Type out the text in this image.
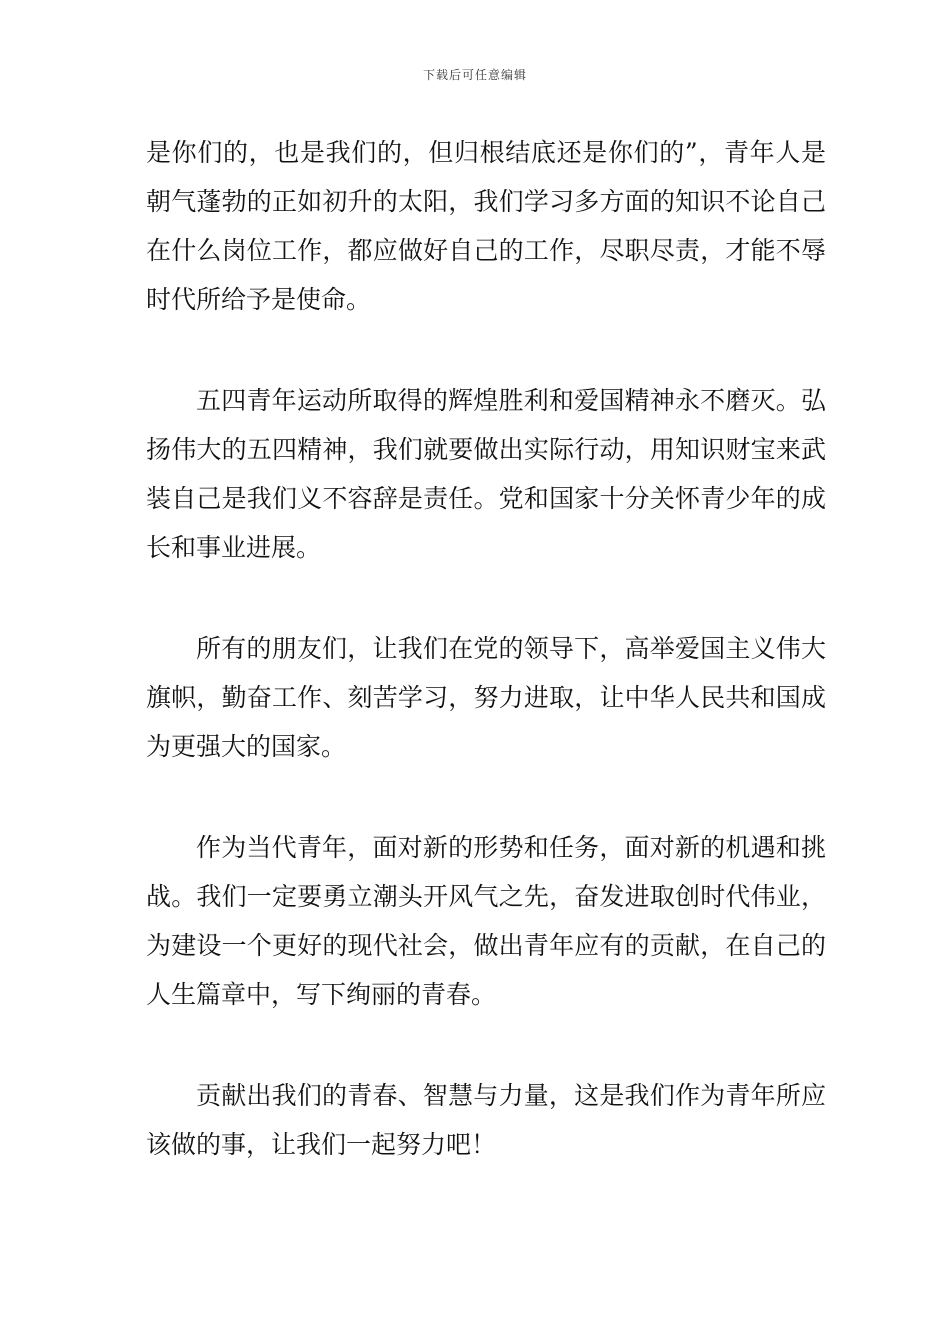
下载后可任意编辑

是你们的，也是我们的，但归根结底还是你们的”，青年人是朝气蓬勃的正如初升的太阳，我们学习多方面的知识不论自己在什么岗位工作，都应做好自己的工作，尽职尽责，才能不辱时代所给予是使命。

五四青年运动所取得的辉煌胜利和爱国精神永不磨灭。弘扬伟大的五四精神，我们就要做出实际行动，用知识财宝来武装自己是我们义不容辞是责任。党和国家十分关怀青少年的成长和事业进展。

所有的朋友们，让我们在党的领导下，高举爱国主义伟大旗帜，勤奋工作、刻苦学习，努力进取，让中华人民共和国成为更强大的国家。

作为当代青年，面对新的形势和任务，面对新的机遇和挑战。我们一定要勇立潮头开风气之先，奋发进取创时代伟业，为建设一个更好的现代社会，做出青年应有的贡献，在自己的人生篇章中，写下绚丽的青春。

贡献出我们的青春、智慧与力量，这是我们作为青年所应该做的事，让我们一起努力吧！
